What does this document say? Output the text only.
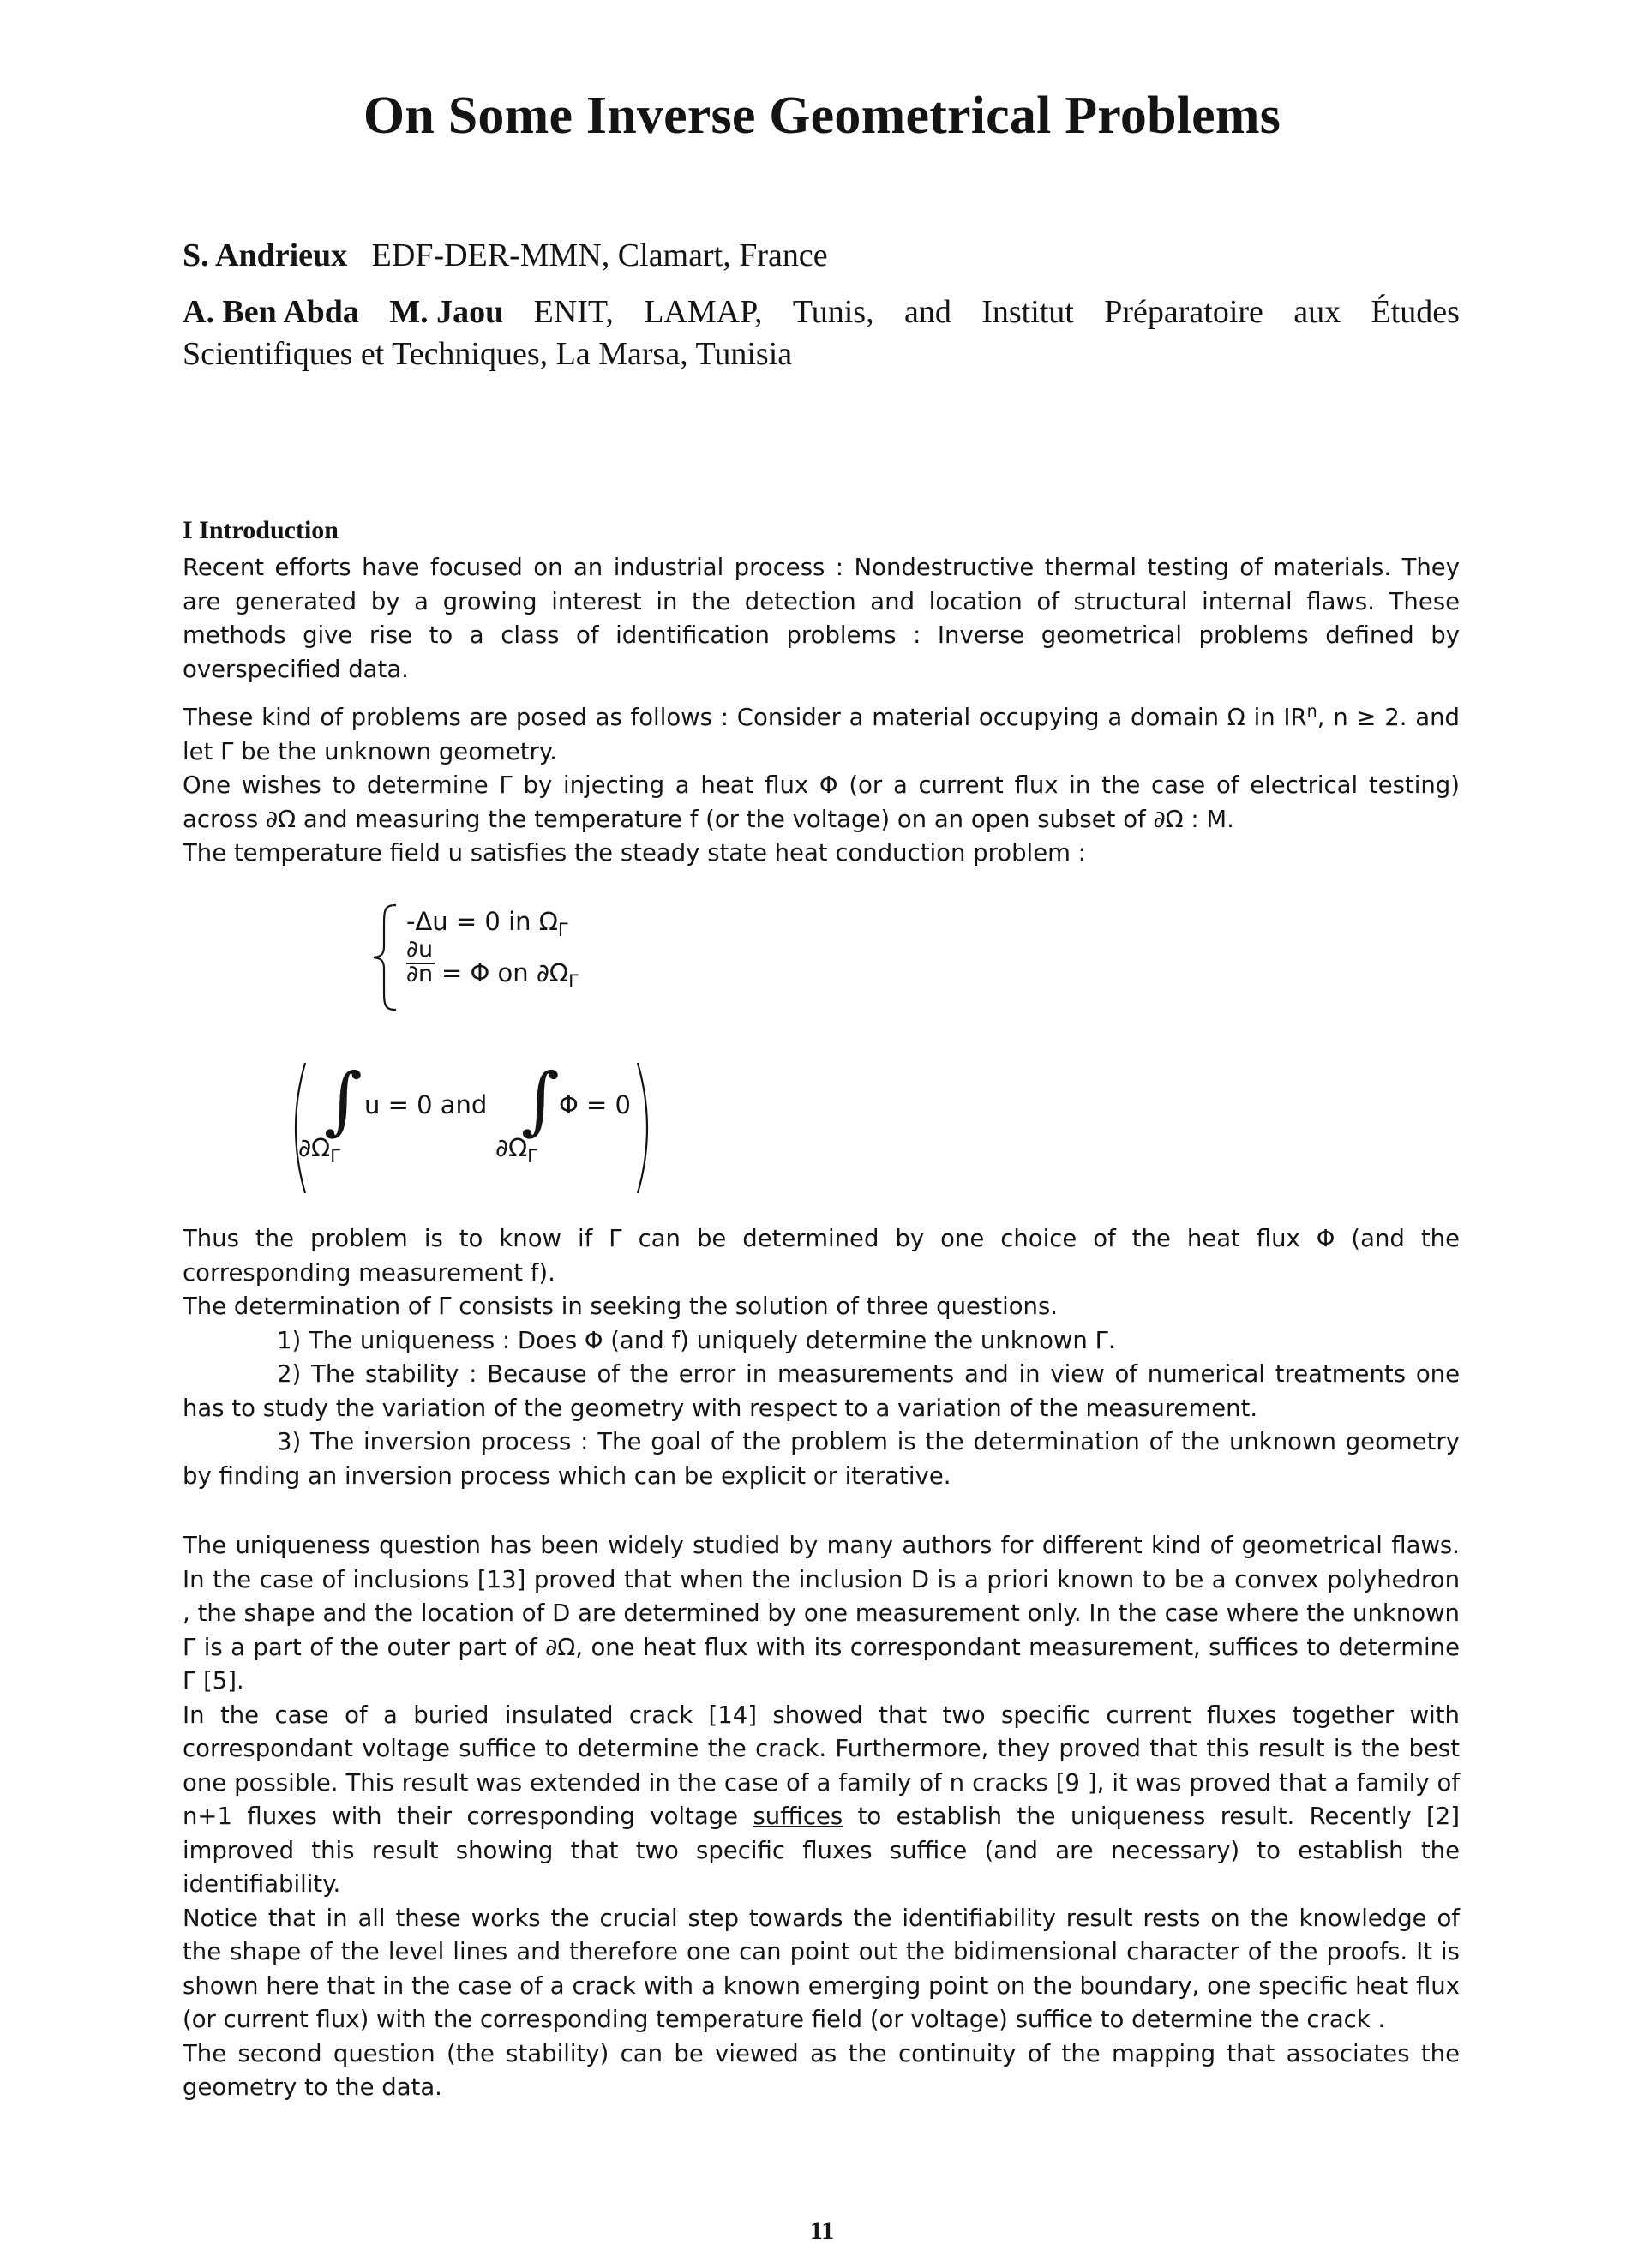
On Some Inverse Geometrical Problems
S. Andrieux EDF-DER-MMN, Clamart, France
A. Ben Abda M. Jaou ENIT, LAMAP, Tunis, and Institut Préparatoire aux Études
Scientifiques et Techniques, La Marsa, Tunisia
I Introduction

Recent efforts have focused on an industrial process : Nondestructive thermal testing of materials. They are generated by a growing interest in the detection and location of structural internal flaws. These methods give rise to a class of identification problems : Inverse geometrical problems defined by overspecified data.

These kind of problems are posed as follows : Consider a material occupying a domain Ω in $IR^n$, n ≥ 2. and let Γ be the unknown geometry.

One wishes to determine Γ by injecting a heat flux Φ (or a current flux in the case of electrical testing) across ∂Ω and measuring the temperature f (or the voltage) on an open subset of ∂Ω : M.

The temperature field u satisfies the steady state heat conduction problem :

-Δu = 0 in $\Omega_\Gamma$
∂u
∂n = Φ on $\partial\Omega_\Gamma$
∫ u = 0 and
$\partial\Omega_\Gamma$
∫ Φ = 0
$\partial\Omega_\Gamma$

Thus the problem is to know if Γ can be determined by one choice of the heat flux Φ (and the corresponding measurement f).

The determination of Γ consists in seeking the solution of three questions.

1) The uniqueness : Does Φ (and f) uniquely determine the unknown Γ.

2) The stability : Because of the error in measurements and in view of numerical treatments one has to study the variation of the geometry with respect to a variation of the measurement.

3) The inversion process : The goal of the problem is the determination of the unknown geometry by finding an inversion process which can be explicit or iterative.

The uniqueness question has been widely studied by many authors for different kind of geometrical flaws. In the case of inclusions [13] proved that when the inclusion D is a priori known to be a convex polyhedron , the shape and the location of D are determined by one measurement only. In the case where the unknown Γ is a part of the outer part of ∂Ω, one heat flux with its correspondant measurement, suffices to determine Γ [5].

In the case of a buried insulated crack [14] showed that two specific current fluxes together with correspondant voltage suffice to determine the crack. Furthermore, they proved that this result is the best one possible. This result was extended in the case of a family of n cracks [9 ], it was proved that a family of n+1 fluxes with their corresponding voltage suffices to establish the uniqueness result. Recently [2] improved this result showing that two specific fluxes suffice (and are necessary) to establish the identifiability.

Notice that in all these works the crucial step towards the identifiability result rests on the knowledge of the shape of the level lines and therefore one can point out the bidimensional character of the proofs. It is shown here that in the case of a crack with a known emerging point on the boundary, one specific heat flux (or current flux) with the corresponding temperature field (or voltage) suffice to determine the crack .

The second question (the stability) can be viewed as the continuity of the mapping that associates the geometry to the data.

11
